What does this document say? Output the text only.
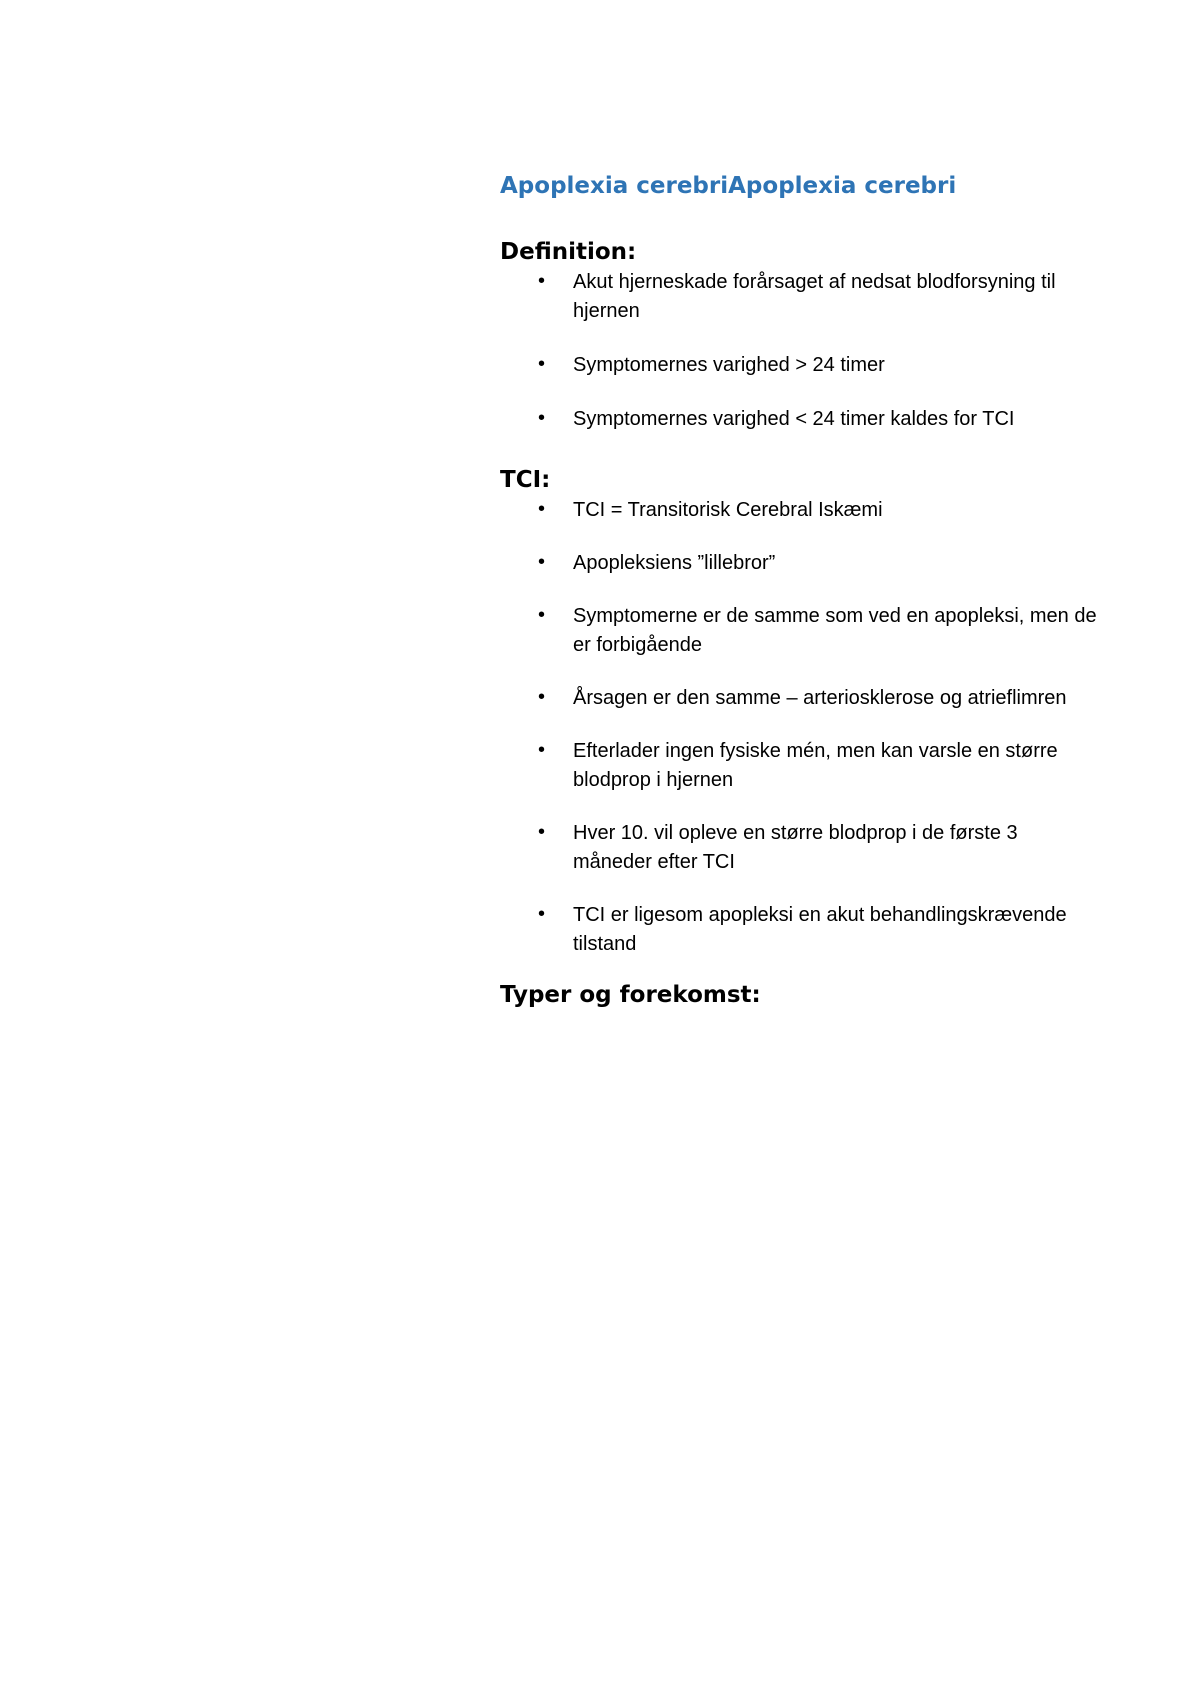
Apoplexia cerebriApoplexia cerebri
Definition:
• Akut hjerneskade forårsaget af nedsat blodforsyning til hjernen
• Symptomernes varighed > 24 timer
• Symptomernes varighed < 24 timer kaldes for TCI
TCI:
• TCI = Transitorisk Cerebral Iskæmi
• Apopleksiens ”lillebror”
• Symptomerne er de samme som ved en apopleksi, men de er forbigående
• Årsagen er den samme – arteriosklerose og atrieflimren
• Efterlader ingen fysiske mén, men kan varsle en større blodprop i hjernen
• Hver 10. vil opleve en større blodprop i de første 3 måneder efter TCI
• TCI er ligesom apopleksi en akut behandlingskrævende tilstand
Typer og forekomst:
